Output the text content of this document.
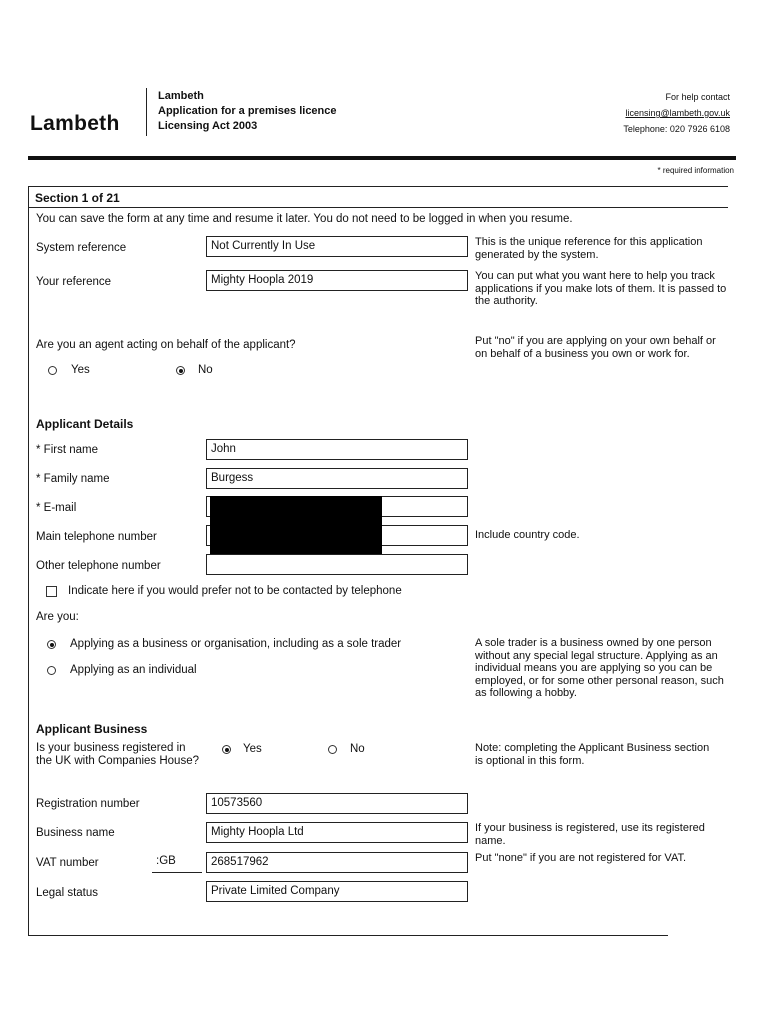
Lambeth
Lambeth
Application for a premises licence
Licensing Act 2003
For help contact
licensing@lambeth.gov.uk
Telephone: 020 7926 6108
* required information
Section 1 of 21
You can save the form at any time and resume it later. You do not need to be logged in when you resume.
System reference	Not Currently In Use	This is the unique reference for this application generated by the system.
Your reference	Mighty Hoopla 2019	You can put what you want here to help you track applications if you make lots of them. It is passed to the authority.
Are you an agent acting on behalf of the applicant?	Put "no" if you are applying on your own behalf or on behalf of a business you own or work for.
Yes	No
Applicant Details
* First name	John
* Family name	Burgess
* E-mail
Main telephone number	Include country code.
Other telephone number
Indicate here if you would prefer not to be contacted by telephone
Are you:
Applying as a business or organisation, including as a sole trader
Applying as an individual
A sole trader is a business owned by one person without any special legal structure. Applying as an individual means you are applying so you can be employed, or for some other personal reason, such as following a hobby.
Applicant Business
Is your business registered in the UK with Companies House?
Yes	No	Note: completing the Applicant Business section is optional in this form.
Registration number	10573560
Business name	Mighty Hoopla Ltd	If your business is registered, use its registered name.
VAT number	:GB	268517962	Put "none" if you are not registered for VAT.
Legal status	Private Limited Company
